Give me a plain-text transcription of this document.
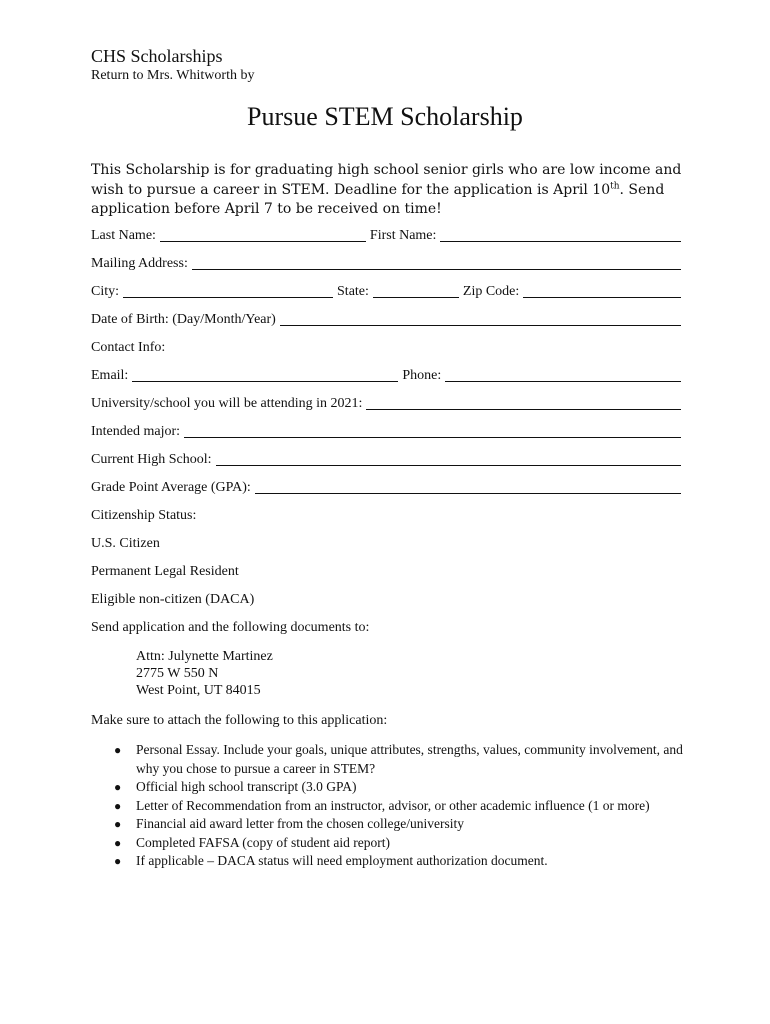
CHS Scholarships
Return to Mrs. Whitworth by
Pursue STEM Scholarship
This Scholarship is for graduating high school senior girls who are low income and wish to pursue a career in STEM. Deadline for the application is April 10th. Send application before April 7 to be received on time!
Last Name:	First Name:
Mailing Address:
City:	State:	Zip Code:
Date of Birth: (Day/Month/Year)
Contact Info:
Email:	Phone:
University/school you will be attending in 2021:
Intended major:
Current High School:
Grade Point Average (GPA):
Citizenship Status:
U.S. Citizen
Permanent Legal Resident
Eligible non-citizen (DACA)
Send application and the following documents to:
Attn: Julynette Martinez
2775 W 550 N
West Point, UT 84015
Make sure to attach the following to this application:
● Personal Essay. Include your goals, unique attributes, strengths, values, community involvement, and why you chose to pursue a career in STEM?
● Official high school transcript (3.0 GPA)
● Letter of Recommendation from an instructor, advisor, or other academic influence (1 or more)
● Financial aid award letter from the chosen college/university
● Completed FAFSA (copy of student aid report)
● If applicable – DACA status will need employment authorization document.
